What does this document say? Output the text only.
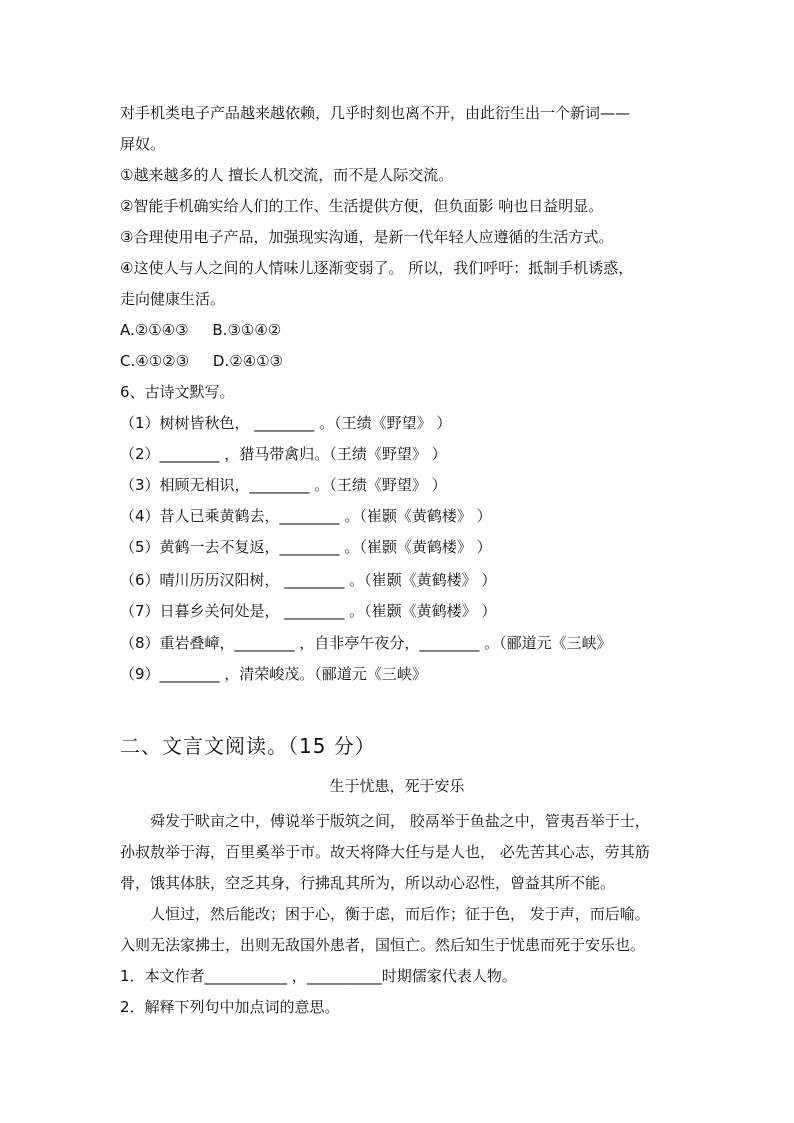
对手机类电子产品越来越依赖，几乎时刻也离不开，由此衍生出一个新词——
屏奴。
①越来越多的人 擅长人机交流，而不是人际交流。
②智能手机确实给人们的工作、生活提供方便，但负面影 响也日益明显。
③合理使用电子产品，加强现实沟通，是新一代年轻人应遵循的生活方式。
④这使人与人之间的人情味儿逐渐变弱了。 所以，我们呼吁：抵制手机诱惑，
走向健康生活。
A.②①④③     B.③①④②
C.④①②③     D.②④①③
6、古诗文默写。
（1）树树皆秋色， ________ 。（王绩《野望》 ）
（2）________ ，猎马带禽归。（王绩《野望》 ）
（3）相顾无相识，________ 。（王绩《野望》 ）
（4）昔人已乘黄鹤去，________ 。（崔颢《黄鹤楼》 ）
（5）黄鹤一去不复返，________ 。（崔颢《黄鹤楼》 ）
（6）晴川历历汉阳树， ________ 。（崔颢《黄鹤楼》 ）
（7）日暮乡关何处是， ________ 。（崔颢《黄鹤楼》 ）
（8）重岩叠嶂，________ ，自非亭午夜分，________ 。（郦道元《三峡》
（9）________ ，清荣峻茂。（郦道元《三峡》
二、文言文阅读。（15 分）
生于忧患，死于安乐
舜发于畎亩之中，傅说举于版筑之间， 胶鬲举于鱼盐之中，管夷吾举于士，
孙叔敖举于海，百里奚举于市。故天将降大任与是人也， 必先苦其心志，劳其筋
骨，饿其体肤，空乏其身，行拂乱其所为，所以动心忍性，曾益其所不能。
人恒过，然后能改；困于心，衡于虑，而后作；征于色， 发于声，而后喻。
入则无法家拂士，出则无敌国外患者，国恒亡。然后知生于忧患而死于安乐也。
1．本文作者___________ ，__________时期儒家代表人物。
2．解释下列句中加点词的意思。
